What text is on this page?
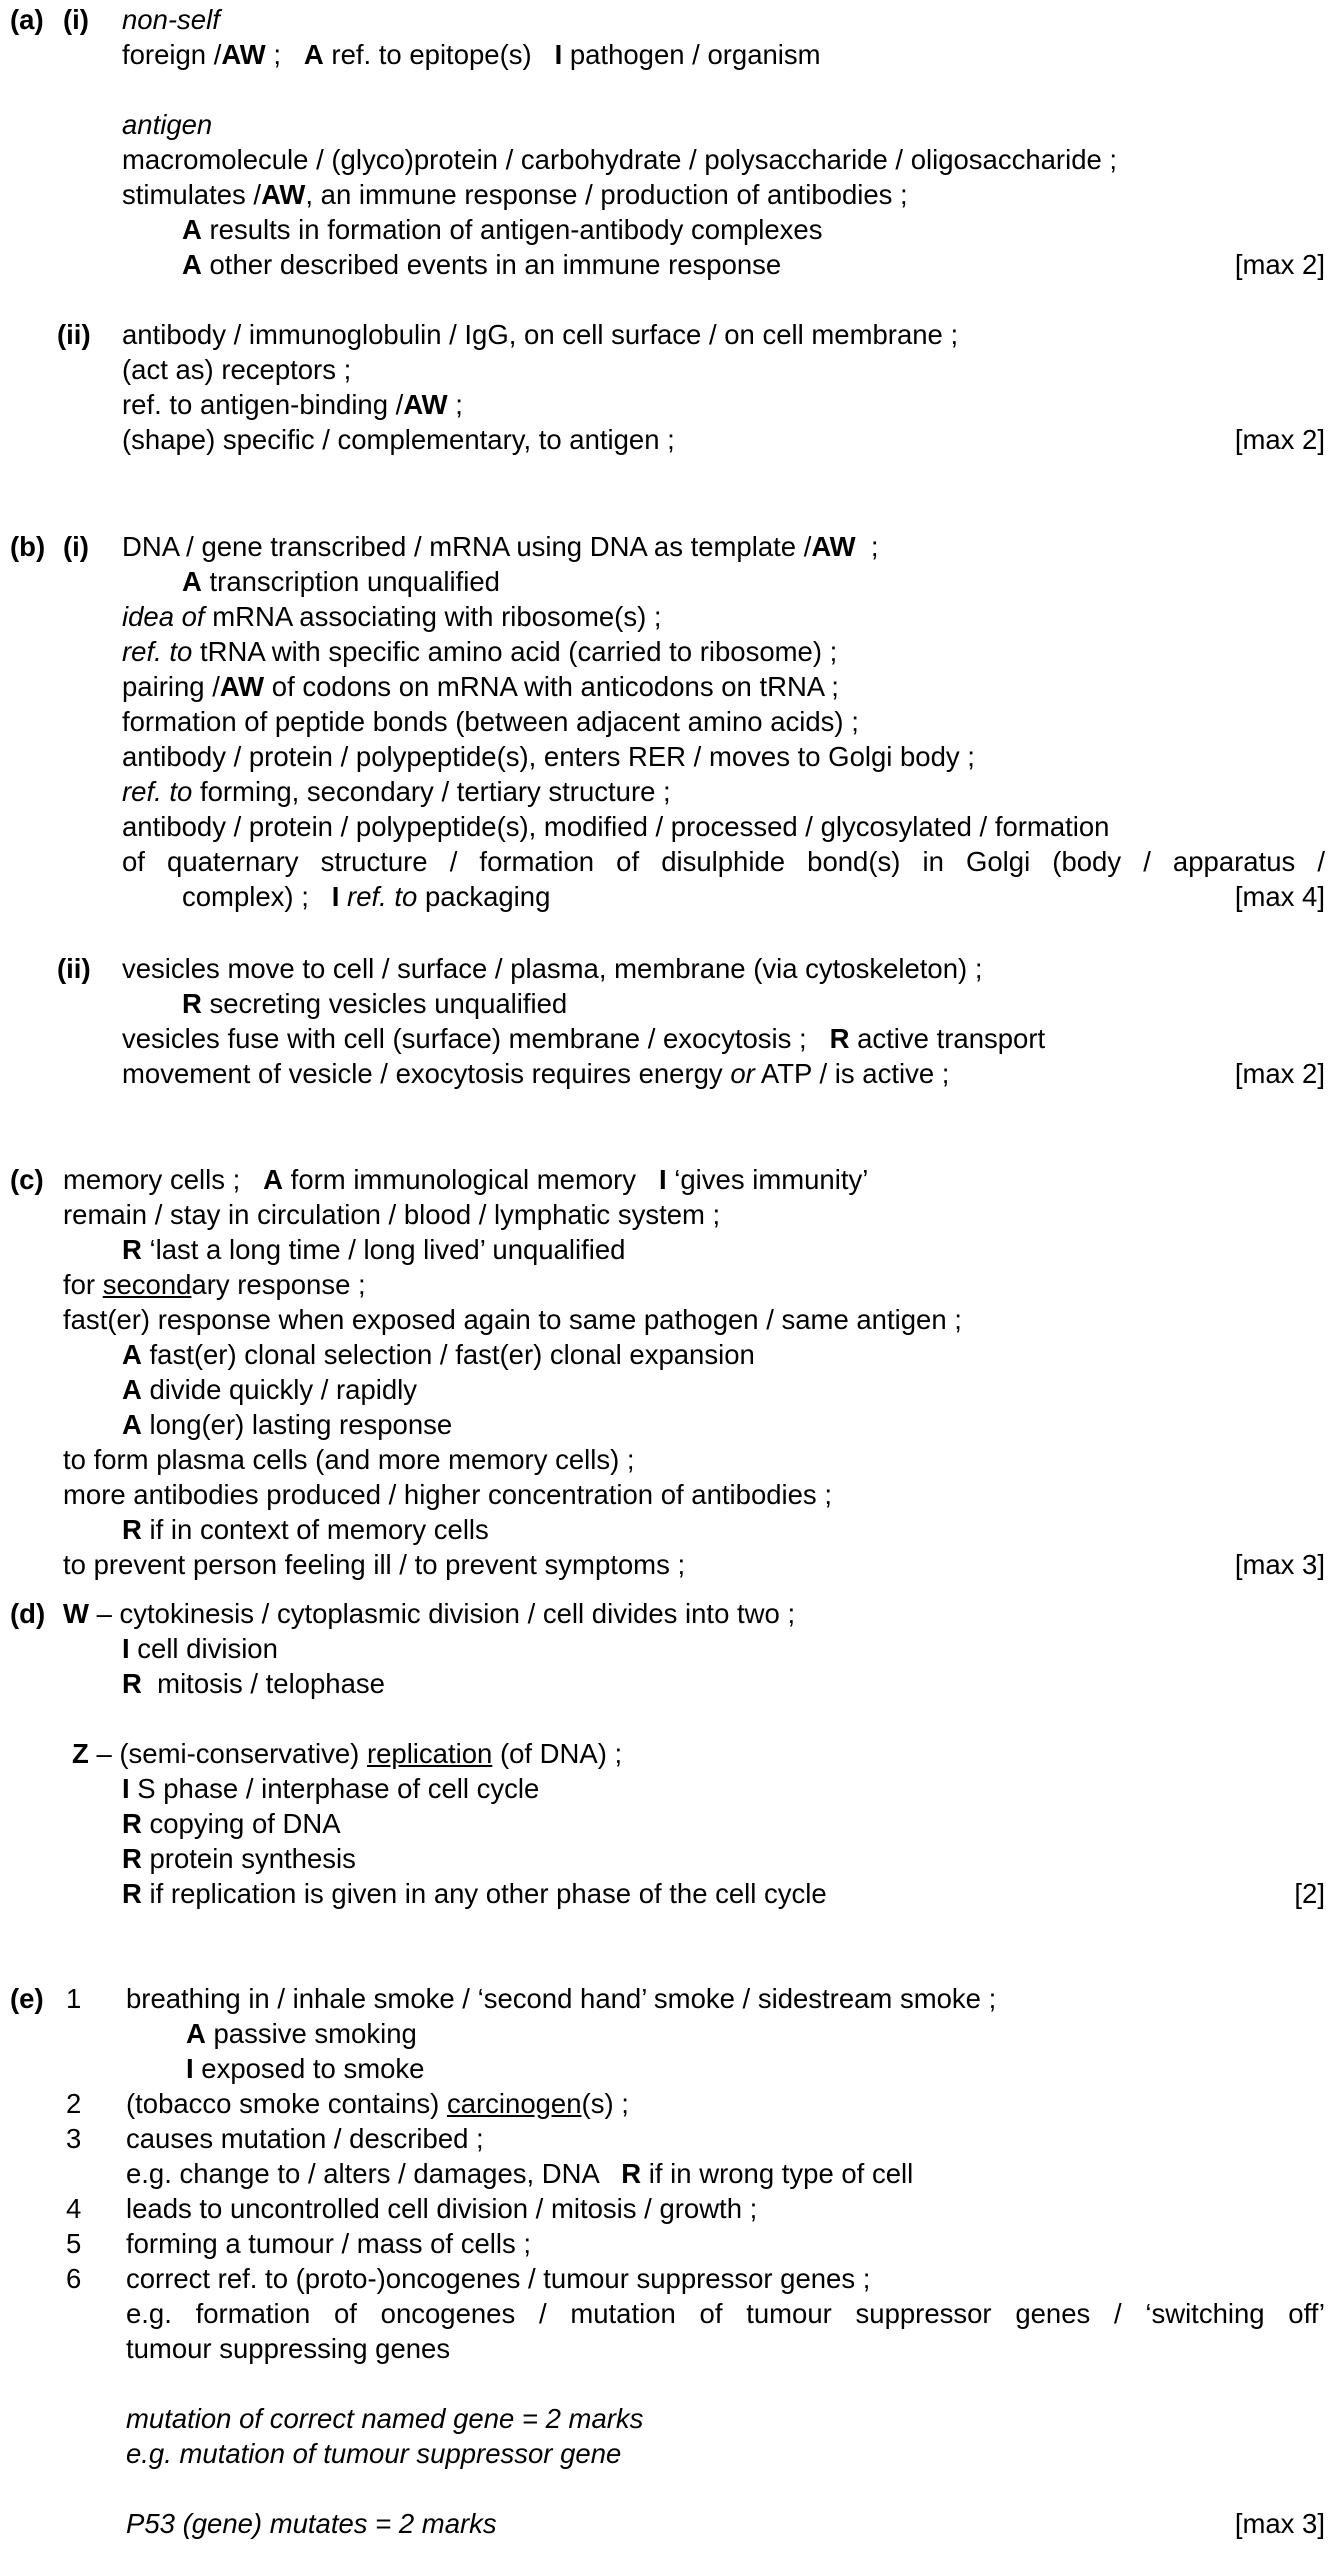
(a) (i) non-self
foreign /AW ;   A ref. to epitope(s)   I pathogen / organism
antigen
macromolecule / (glyco)protein / carbohydrate / polysaccharide / oligosaccharide ;
stimulates /AW, an immune response / production of antibodies ;
A results in formation of antigen-antibody complexes
A other described events in an immune response	[max 2]
(ii) antibody / immunoglobulin / IgG, on cell surface / on cell membrane ;
(act as) receptors ;
ref. to antigen-binding /AW ;
(shape) specific / complementary, to antigen ;	[max 2]
(b) (i) DNA / gene transcribed / mRNA using DNA as template /AW  ;
A transcription unqualified
idea of mRNA associating with ribosome(s) ;
ref. to tRNA with specific amino acid (carried to ribosome) ;
pairing /AW of codons on mRNA with anticodons on tRNA ;
formation of peptide bonds (between adjacent amino acids) ;
antibody / protein / polypeptide(s), enters RER / moves to Golgi body ;
ref. to forming, secondary / tertiary structure ;
antibody / protein / polypeptide(s), modified / processed / glycosylated / formation
of quaternary structure / formation of disulphide bond(s) in Golgi (body / apparatus /
complex) ;   I ref. to packaging	[max 4]
(ii) vesicles move to cell / surface / plasma, membrane (via cytoskeleton) ;
R secreting vesicles unqualified
vesicles fuse with cell (surface) membrane / exocytosis ;   R active transport
movement of vesicle / exocytosis requires energy or ATP / is active ;	[max 2]
(c) memory cells ;   A form immunological memory   I ‘gives immunity’
remain / stay in circulation / blood / lymphatic system ;
R ‘last a long time / long lived’ unqualified
for secondary response ;
fast(er) response when exposed again to same pathogen / same antigen ;
A fast(er) clonal selection / fast(er) clonal expansion
A divide quickly / rapidly
A long(er) lasting response
to form plasma cells (and more memory cells) ;
more antibodies produced / higher concentration of antibodies ;
R if in context of memory cells
to prevent person feeling ill / to prevent symptoms ;	[max 3]
(d) W – cytokinesis / cytoplasmic division / cell divides into two ;
I cell division
R  mitosis / telophase
Z – (semi-conservative) replication (of DNA) ;
I S phase / interphase of cell cycle
R copying of DNA
R protein synthesis
R if replication is given in any other phase of the cell cycle	[2]
(e) 1 breathing in / inhale smoke / ‘second hand’ smoke / sidestream smoke ;
A passive smoking
I exposed to smoke
2 (tobacco smoke contains) carcinogen(s) ;
3 causes mutation / described ;
e.g. change to / alters / damages, DNA   R if in wrong type of cell
4 leads to uncontrolled cell division / mitosis / growth ;
5 forming a tumour / mass of cells ;
6 correct ref. to (proto-)oncogenes / tumour suppressor genes ;
e.g. formation of oncogenes / mutation of tumour suppressor genes / ‘switching off’
tumour suppressing genes
mutation of correct named gene = 2 marks
e.g. mutation of tumour suppressor gene
P53 (gene) mutates = 2 marks	[max 3]
